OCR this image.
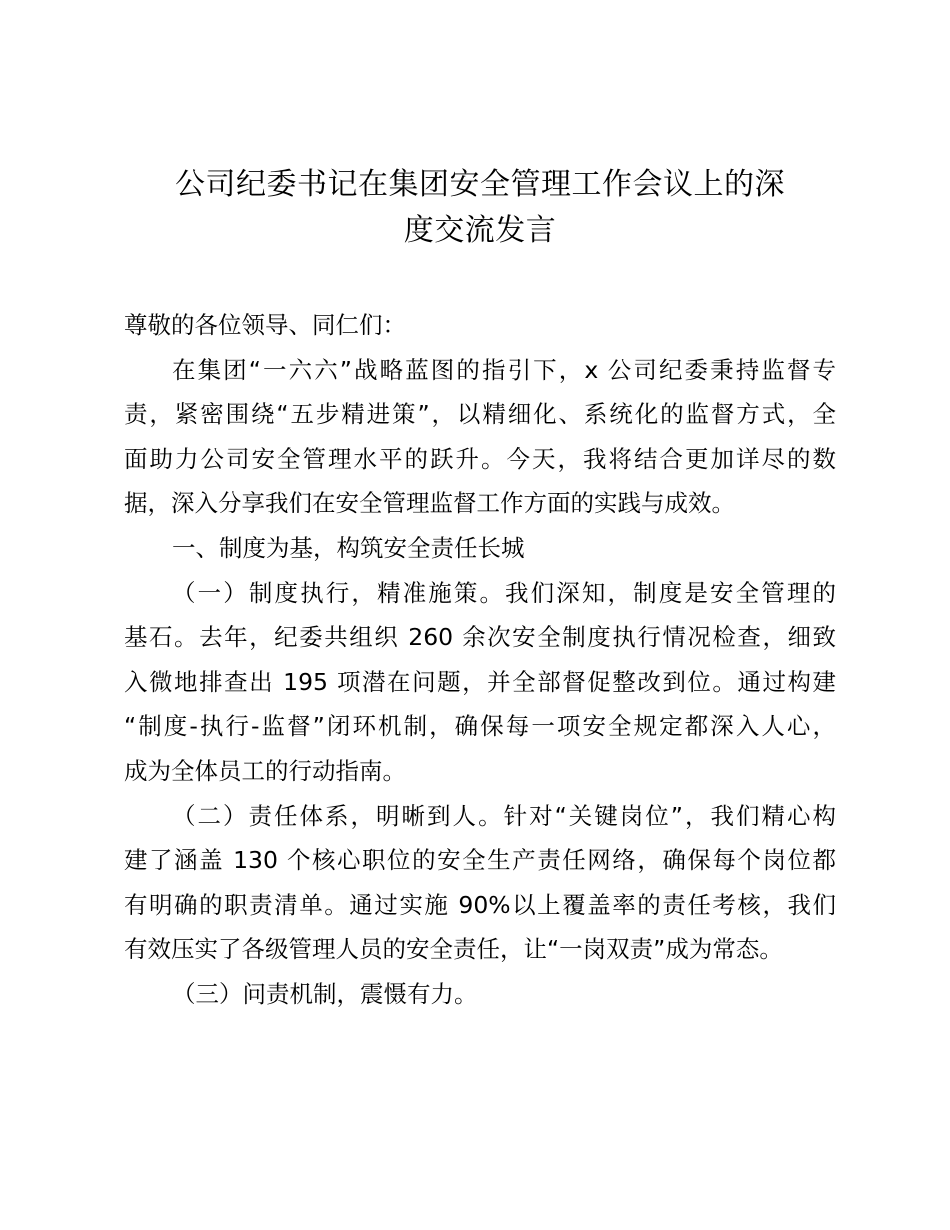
公司纪委书记在集团安全管理工作会议上的深
度交流发言
尊敬的各位领导、同仁们：
在集团“一六六”战略蓝图的指引下，x 公司纪委秉持监督专
责，紧密围绕“五步精进策”，以精细化、系统化的监督方式，全
面助力公司安全管理水平的跃升。今天，我将结合更加详尽的数
据，深入分享我们在安全管理监督工作方面的实践与成效。
一、制度为基，构筑安全责任长城
（一）制度执行，精准施策。我们深知，制度是安全管理的
基石。去年，纪委共组织 260 余次安全制度执行情况检查，细致
入微地排查出 195 项潜在问题，并全部督促整改到位。通过构建
“制度-执行-监督”闭环机制，确保每一项安全规定都深入人心，
成为全体员工的行动指南。
（二）责任体系，明晰到人。针对“关键岗位”，我们精心构
建了涵盖 130 个核心职位的安全生产责任网络，确保每个岗位都
有明确的职责清单。通过实施 90%以上覆盖率的责任考核，我们
有效压实了各级管理人员的安全责任，让“一岗双责”成为常态。
（三）问责机制，震慑有力。
